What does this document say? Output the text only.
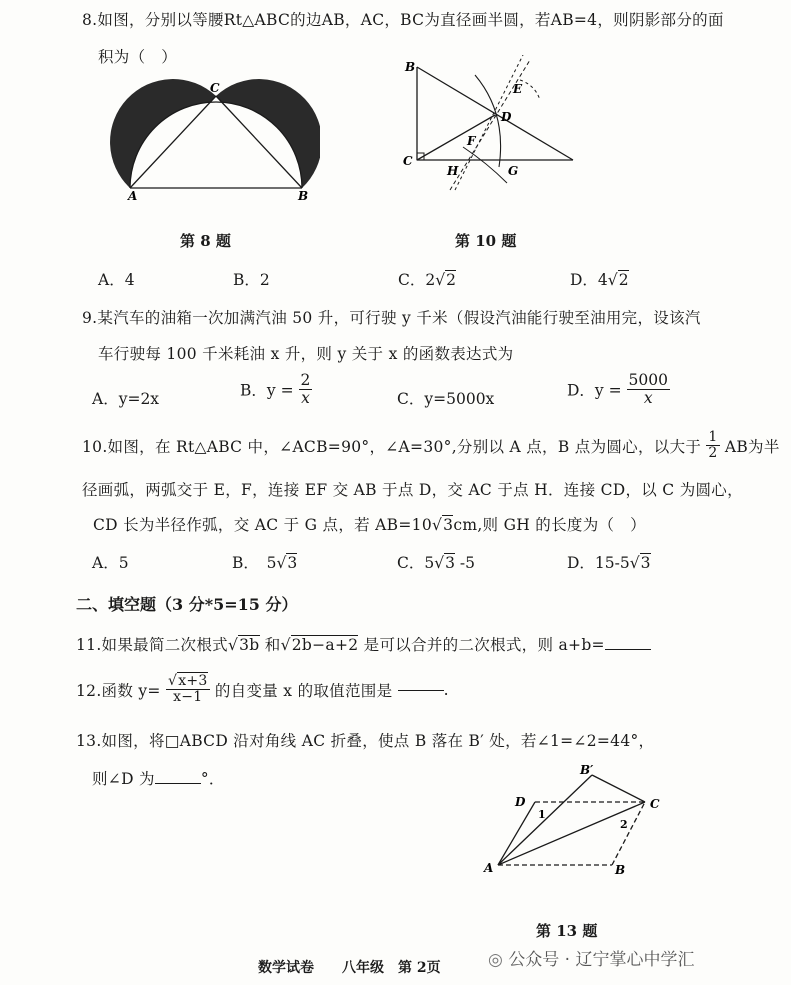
8.如图，分别以等腰Rt△ABC的边AB，AC，BC为直径画半圆，若AB=4，则阴影部分的面
积为（　）
C
A	B
B
C
D
E
F
H	G
第 8 题	第 10 题
A．4	B．2	C．2√2	D．4√2
9.某汽车的油箱一次加满汽油 50 升，可行驶 y 千米（假设汽油能行驶至油用完，设该汽
车行驶每 100 千米耗油 x 升，则 y 关于 x 的函数表达式为
A．y=2x	B．$y = \frac{2}{x}$	C．y=5000x	D．$y = \frac{5000}{x}$
10.如图，在 Rt△ABC 中，∠ACB=90°，∠A=30°,分别以 A 点，B 点为圆心，以大于 $\frac{1}{2}$ AB为半
径画弧，两弧交于 E，F，连接 EF 交 AB 于点 D，交 AC 于点 H．连接 CD，以 C 为圆心，
CD 长为半径作弧，交 AC 于 G 点，若 AB=10√3cm,则 GH 的长度为（　）
A．5	B．　5√3	C．5√3 -5	D．15-5√3
二、填空题（3 分*5=15 分）
11.如果最简二次根式√3b 和√2b−a+2 是可以合并的二次根式，则 a+b=
12.函数 $y= \frac{√x+3}{x-1}$ 的自变量 x 的取值范围是	.
13.如图，将□ABCD 沿对角线 AC 折叠，使点 B 落在 B′ 处，若∠1=∠2=44°，
则∠D 为	°．	B′
D	C
A	B
1
2
第 13 题
数学试卷　　八年级　第 2页	◎ 公众号 · 辽宁掌心中学汇
